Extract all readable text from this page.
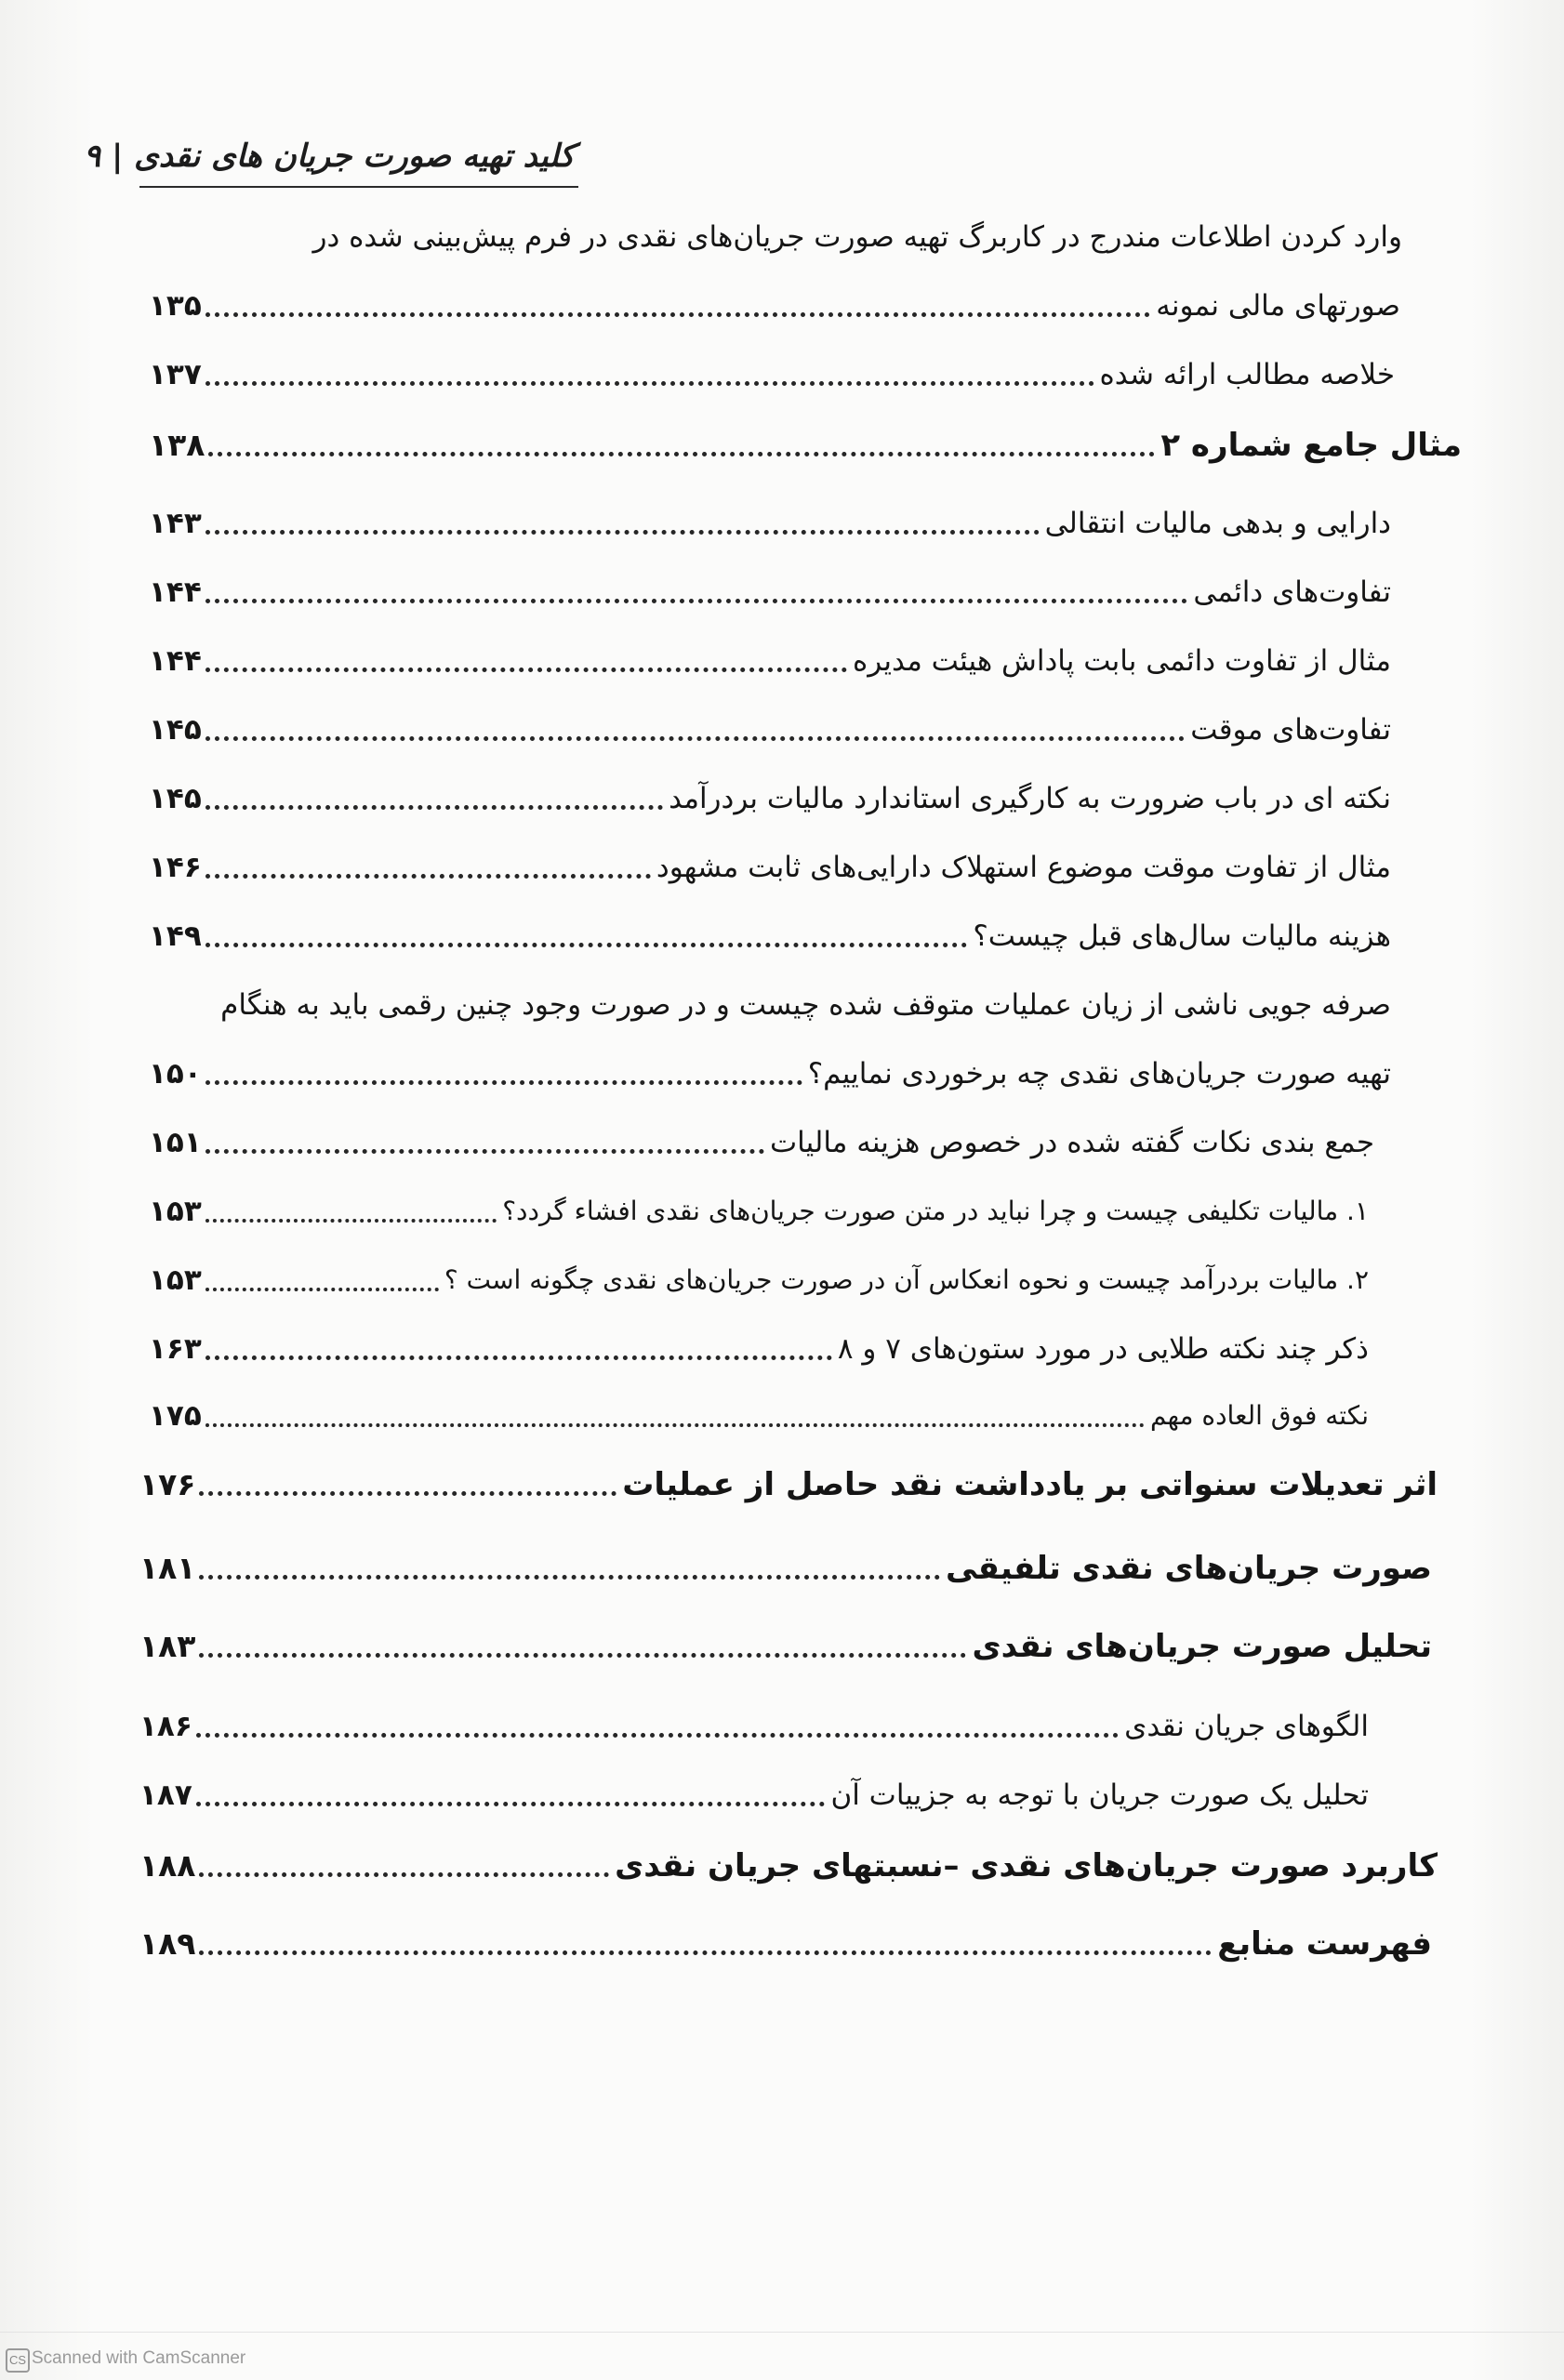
کلید تهیه صورت جریان های نقدی | ۹
وارد کردن اطلاعات مندرج در کاربرگ تهیه صورت جریان‌های نقدی در فرم پیش‌بینی شده در
صورتهای مالی نمونه
۱۳۵
خلاصه مطالب ارائه شده
۱۳۷
مثال جامع شماره ۲
۱۳۸
دارایی و بدهی مالیات انتقالی
۱۴۳
تفاوت‌های دائمی
۱۴۴
مثال از تفاوت دائمی بابت پاداش هیئت مدیره
۱۴۴
تفاوت‌های موقت
۱۴۵
نکته ای در باب ضرورت به کارگیری استاندارد مالیات بردرآمد
۱۴۵
مثال از تفاوت موقت موضوع استهلاک دارایی‌های ثابت مشهود
۱۴۶
هزینه مالیات سال‌های قبل چیست؟
۱۴۹
صرفه جویی ناشی از زیان عملیات متوقف شده چیست و در صورت وجود چنین رقمی باید به هنگام
تهیه صورت جریان‌های نقدی چه برخوردی نماییم؟
۱۵۰
جمع بندی نکات گفته شده در خصوص هزینه مالیات
۱۵۱
۱. مالیات تکلیفی چیست و چرا نباید در متن صورت جریان‌های نقدی افشاء گردد؟
۱۵۳
۲. مالیات بردرآمد چیست و نحوه انعکاس آن در صورت جریان‌های نقدی چگونه است ؟
۱۵۳
ذکر چند نکته طلایی در مورد ستون‌های ۷ و ۸
۱۶۳
نکته فوق العاده مهم
۱۷۵
اثر تعدیلات سنواتی بر یادداشت نقد حاصل از عملیات
۱۷۶
صورت جریان‌های نقدی تلفیقی
۱۸۱
تحلیل صورت جریان‌های نقدی
۱۸۳
الگوهای جریان نقدی
۱۸۶
تحلیل یک صورت جریان با توجه به جزییات آن
۱۸۷
کاربرد صورت جریان‌های نقدی –نسبتهای جریان نقدی
۱۸۸
فهرست منابع
۱۸۹
CS Scanned with CamScanner
